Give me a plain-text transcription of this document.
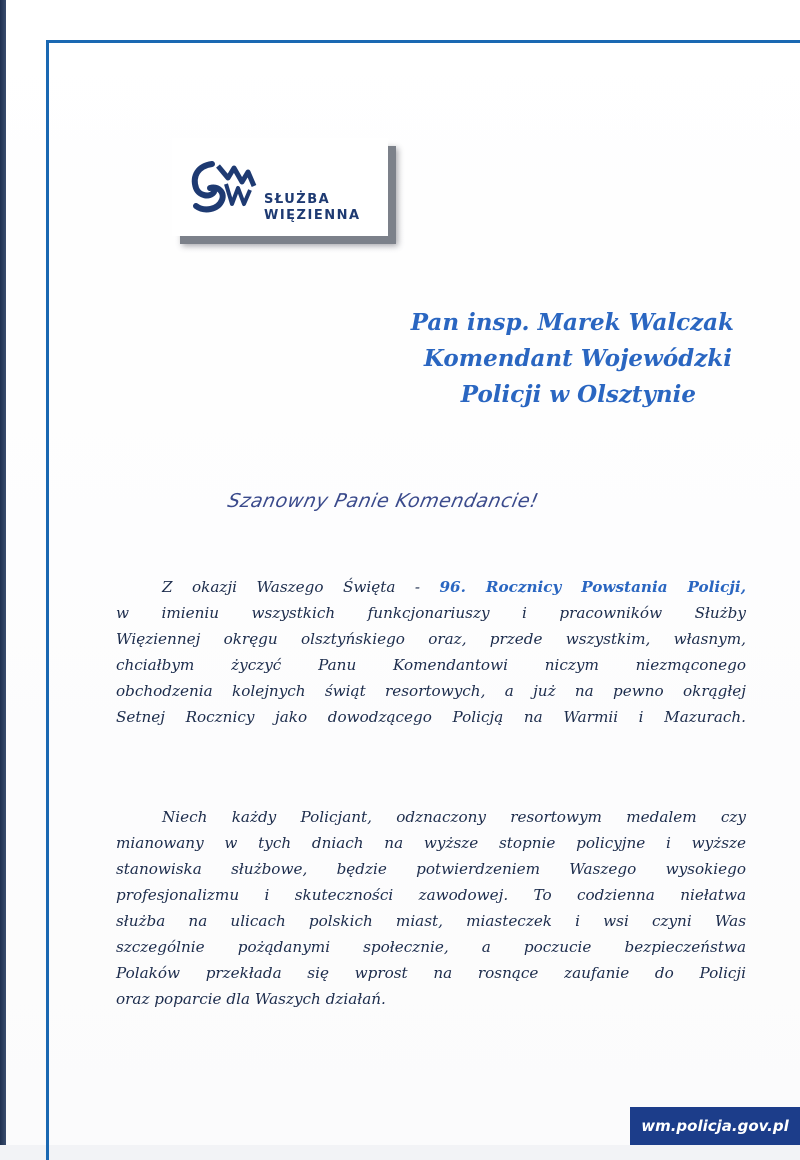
SŁUŻBA
WIĘZIENNA
Pan insp. Marek Walczak
Komendant Wojewódzki
Policji w Olsztynie
Szanowny Panie Komendancie!
Z okazji Waszego Święta - 96. Rocznicy Powstania Policji,
w imieniu wszystkich funkcjonariuszy i pracowników Służby
Więziennej okręgu olsztyńskiego oraz, przede wszystkim, własnym,
chciałbym życzyć Panu Komendantowi niczym niezmąconego
obchodzenia kolejnych świąt resortowych, a już na pewno okrągłej
Setnej Rocznicy jako dowodzącego Policją na Warmii i Mazurach.
Niech każdy Policjant, odznaczony resortowym medalem czy
mianowany w tych dniach na wyższe stopnie policyjne i wyższe
stanowiska służbowe, będzie potwierdzeniem Waszego wysokiego
profesjonalizmu i skuteczności zawodowej. To codzienna niełatwa
służba na ulicach polskich miast, miasteczek i wsi czyni Was
szczególnie pożądanymi społecznie, a poczucie bezpieczeństwa
Polaków przekłada się wprost na rosnące zaufanie do Policji
oraz poparcie dla Waszych działań.
wm.policja.gov.pl
